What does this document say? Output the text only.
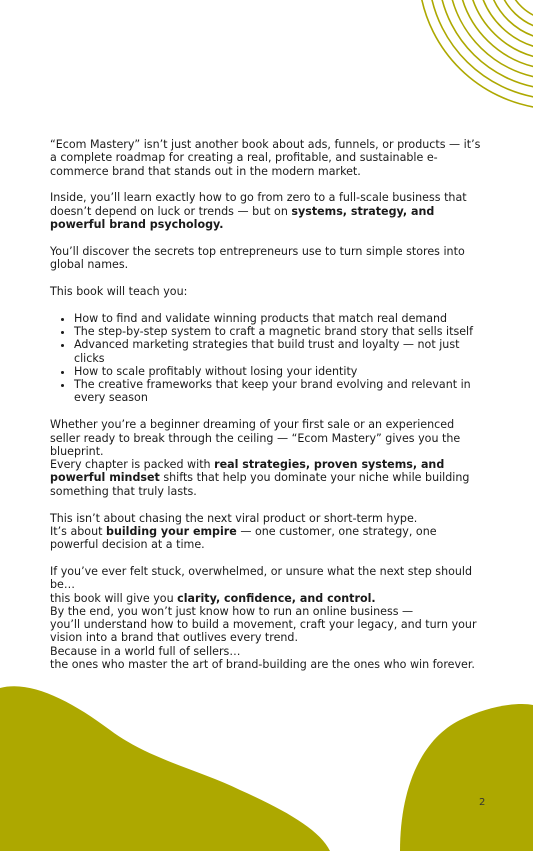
“Ecom Mastery” isn’t just another book about ads, funnels, or products — it’s a complete roadmap for creating a real, profitable, and sustainable e-commerce brand that stands out in the modern market.

Inside, you’ll learn exactly how to go from zero to a full-scale business that doesn’t depend on luck or trends — but on systems, strategy, and powerful brand psychology.

You’ll discover the secrets top entrepreneurs use to turn simple stores into global names.

This book will teach you:

• How to find and validate winning products that match real demand
• The step-by-step system to craft a magnetic brand story that sells itself
• Advanced marketing strategies that build trust and loyalty — not just clicks
• How to scale profitably without losing your identity
• The creative frameworks that keep your brand evolving and relevant in every season

Whether you’re a beginner dreaming of your first sale or an experienced seller ready to break through the ceiling — “Ecom Mastery” gives you the blueprint.
Every chapter is packed with real strategies, proven systems, and powerful mindset shifts that help you dominate your niche while building something that truly lasts.

This isn’t about chasing the next viral product or short-term hype.
It’s about building your empire — one customer, one strategy, one powerful decision at a time.

If you’ve ever felt stuck, overwhelmed, or unsure what the next step should be…
this book will give you clarity, confidence, and control.
By the end, you won’t just know how to run an online business —
you’ll understand how to build a movement, craft your legacy, and turn your vision into a brand that outlives every trend.
Because in a world full of sellers…
the ones who master the art of brand-building are the ones who win forever.

2
